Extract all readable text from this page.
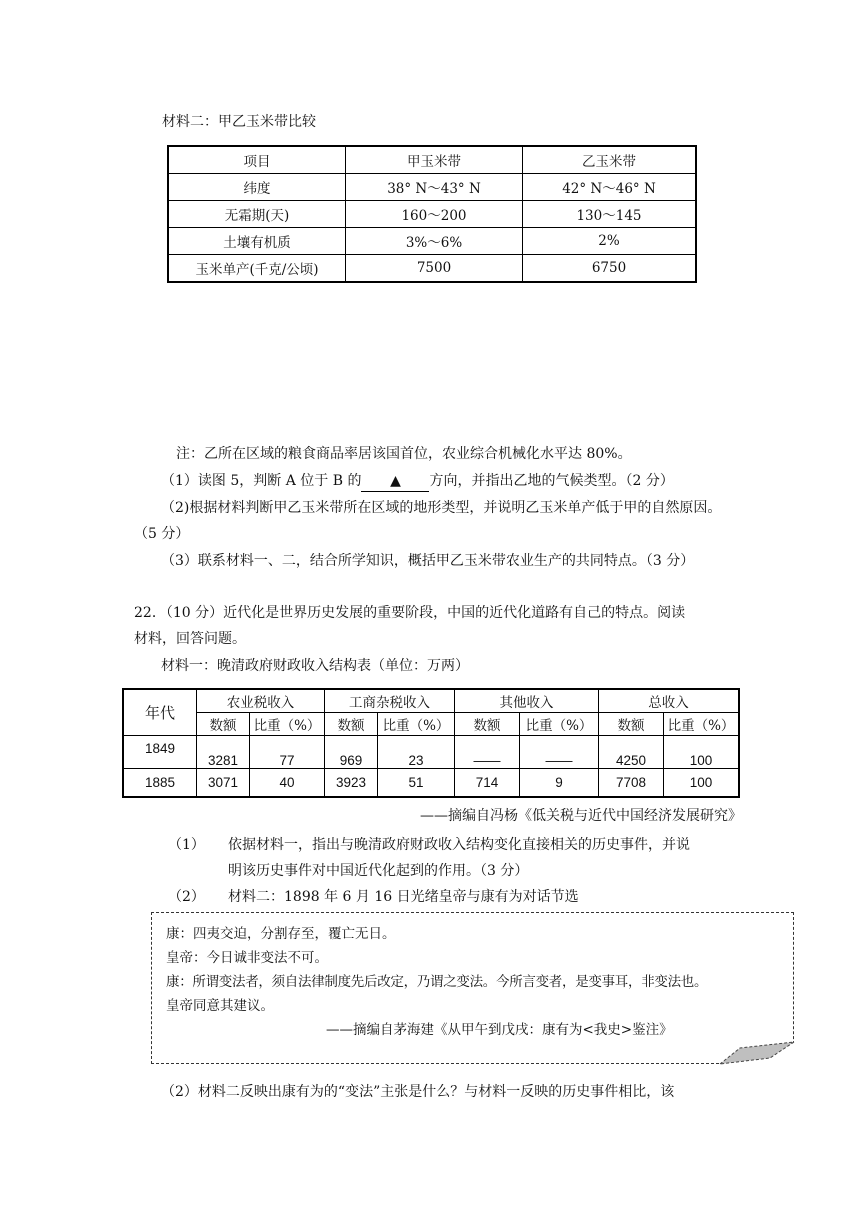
材料二：甲乙玉米带比较
项目	甲玉米带	乙玉米带
纬度	38° N～43° N	42° N～46° N
无霜期(天)	160～200	130～145
土壤有机质	3%～6%	2%
玉米单产(千克/公顷)	7500	6750
注：乙所在区域的粮食商品率居该国首位，农业综合机械化水平达 80%。
（1）读图 5，判断 A 位于 B 的 ▲ 方向，并指出乙地的气候类型。（2 分）
（2)根据材料判断甲乙玉米带所在区域的地形类型，并说明乙玉米单产低于甲的自然原因。
（5 分）
（3）联系材料一、二，结合所学知识，概括甲乙玉米带农业生产的共同特点。（3 分）
22．（10 分）近代化是世界历史发展的重要阶段，中国的近代化道路有自己的特点。阅读
材料，回答问题。
材料一：晚清政府财政收入结构表（单位：万两）
年代	农业税收入		工商杂税收入		其他收入		总收入	
	数额	比重（%）	数额	比重（%）	数额	比重（%）	数额	比重（%）
1849	3281	77	969	23	——	——	4250	100
1885	3071	40	3923	51	714	9	7708	100
——摘编自冯杨《低关税与近代中国经济发展研究》
（1） 依据材料一，指出与晚清政府财政收入结构变化直接相关的历史事件，并说
明该历史事件对中国近代化起到的作用。（3 分）
（2） 材料二：1898 年 6 月 16 日光绪皇帝与康有为对话节选
康：四夷交迫，分割存至，覆亡无日。
皇帝：今日诚非变法不可。
康：所谓变法者，须自法律制度先后改定，乃谓之变法。今所言变者，是变事耳，非变法也。
皇帝同意其建议。
——摘编自茅海建《从甲午到戊戌：康有为<我史>鉴注》
（2）材料二反映出康有为的“变法”主张是什么？与材料一反映的历史事件相比，该
